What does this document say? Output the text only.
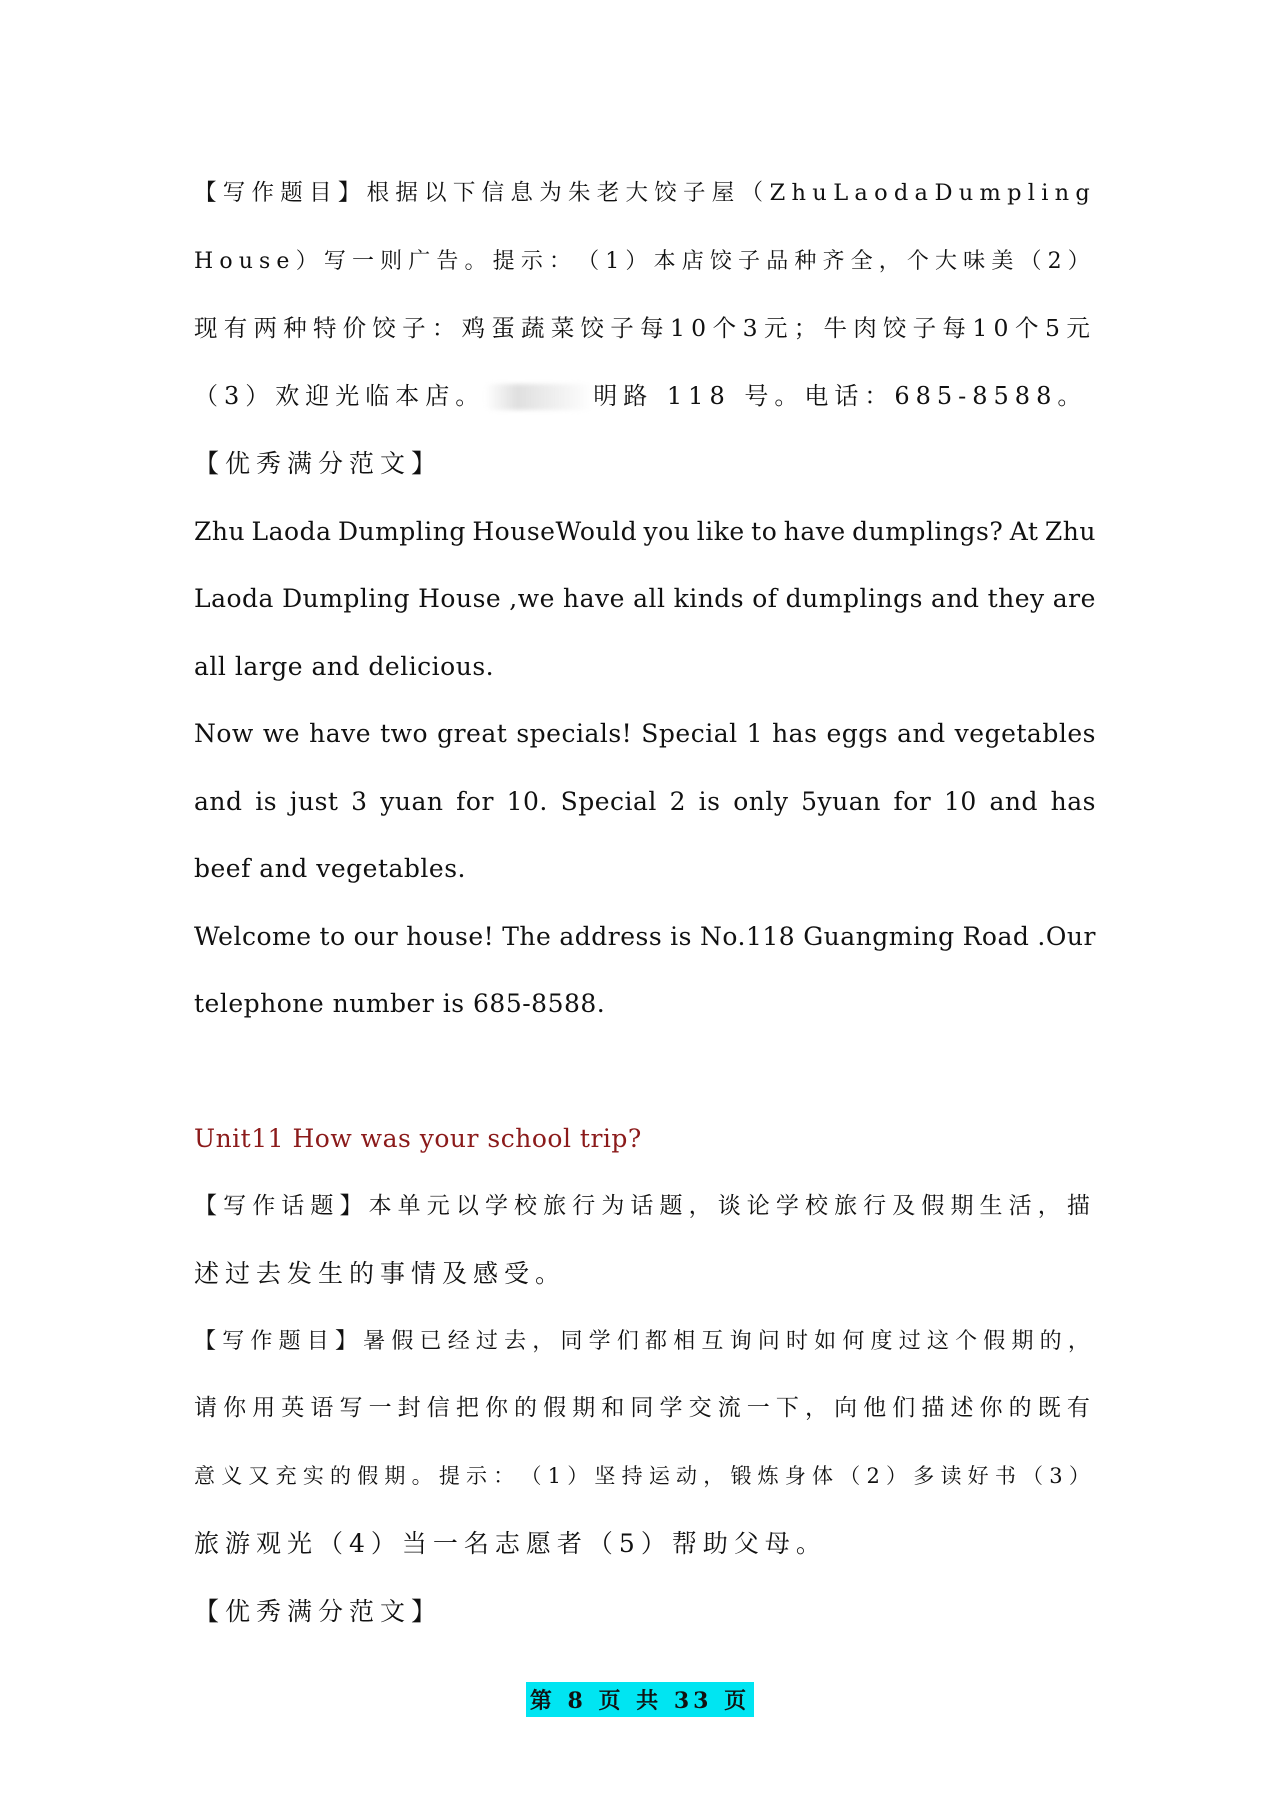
【 写 作 题 目 】 根 据 以 下 信 息 为 朱 老 大 饺 子 屋 （ Z h u L a o d a D u m p l i n g
H o u s e ） 写 一 则 广 告 。 提 示 ： （ 1 ） 本 店 饺 子 品 种 齐 全 ， 个 大 味 美 （ 2 ）
现 有 两 种 特 价 饺 子 ： 鸡 蛋 蔬 菜 饺 子 每 1 0 个 3 元 ； 牛 肉 饺 子 每 1 0 个 5 元
（3）欢迎光临本店。	明路 118 号。电话：685-8588。
【优秀满分范文】
Zhu Laoda Dumpling HouseWould you like to have dumplings? At Zhu
Laoda Dumpling House ,we have all kinds of dumplings and they are
all large and delicious.
Now we have two great specials! Special 1 has eggs and vegetables
and is just 3 yuan for 10. Special 2 is only 5yuan for 10 and has
beef and vegetables.
Welcome to our house! The address is No.118 Guangming Road .Our
telephone number is 685-8588.
Unit11 How was your school trip?
【 写 作 话 题 】 本 单 元 以 学 校 旅 行 为 话 题 ， 谈 论 学 校 旅 行 及 假 期 生 活 ， 描
述过去发生的事情及感受。
【 写 作 题 目 】 暑 假 已 经 过 去 ， 同 学 们 都 相 互 询 问 时 如 何 度 过 这 个 假 期 的 ，
请 你 用 英 语 写 一 封 信 把 你 的 假 期 和 同 学 交 流 一 下 ， 向 他 们 描 述 你 的 既 有
意 义 又 充 实 的 假 期 。 提 示 ： （ 1 ） 坚 持 运 动 ， 锻 炼 身 体 （ 2 ） 多 读 好 书 （ 3 ）
旅游观光（4）当一名志愿者（5）帮助父母。
【优秀满分范文】
第 8 页 共 33 页
